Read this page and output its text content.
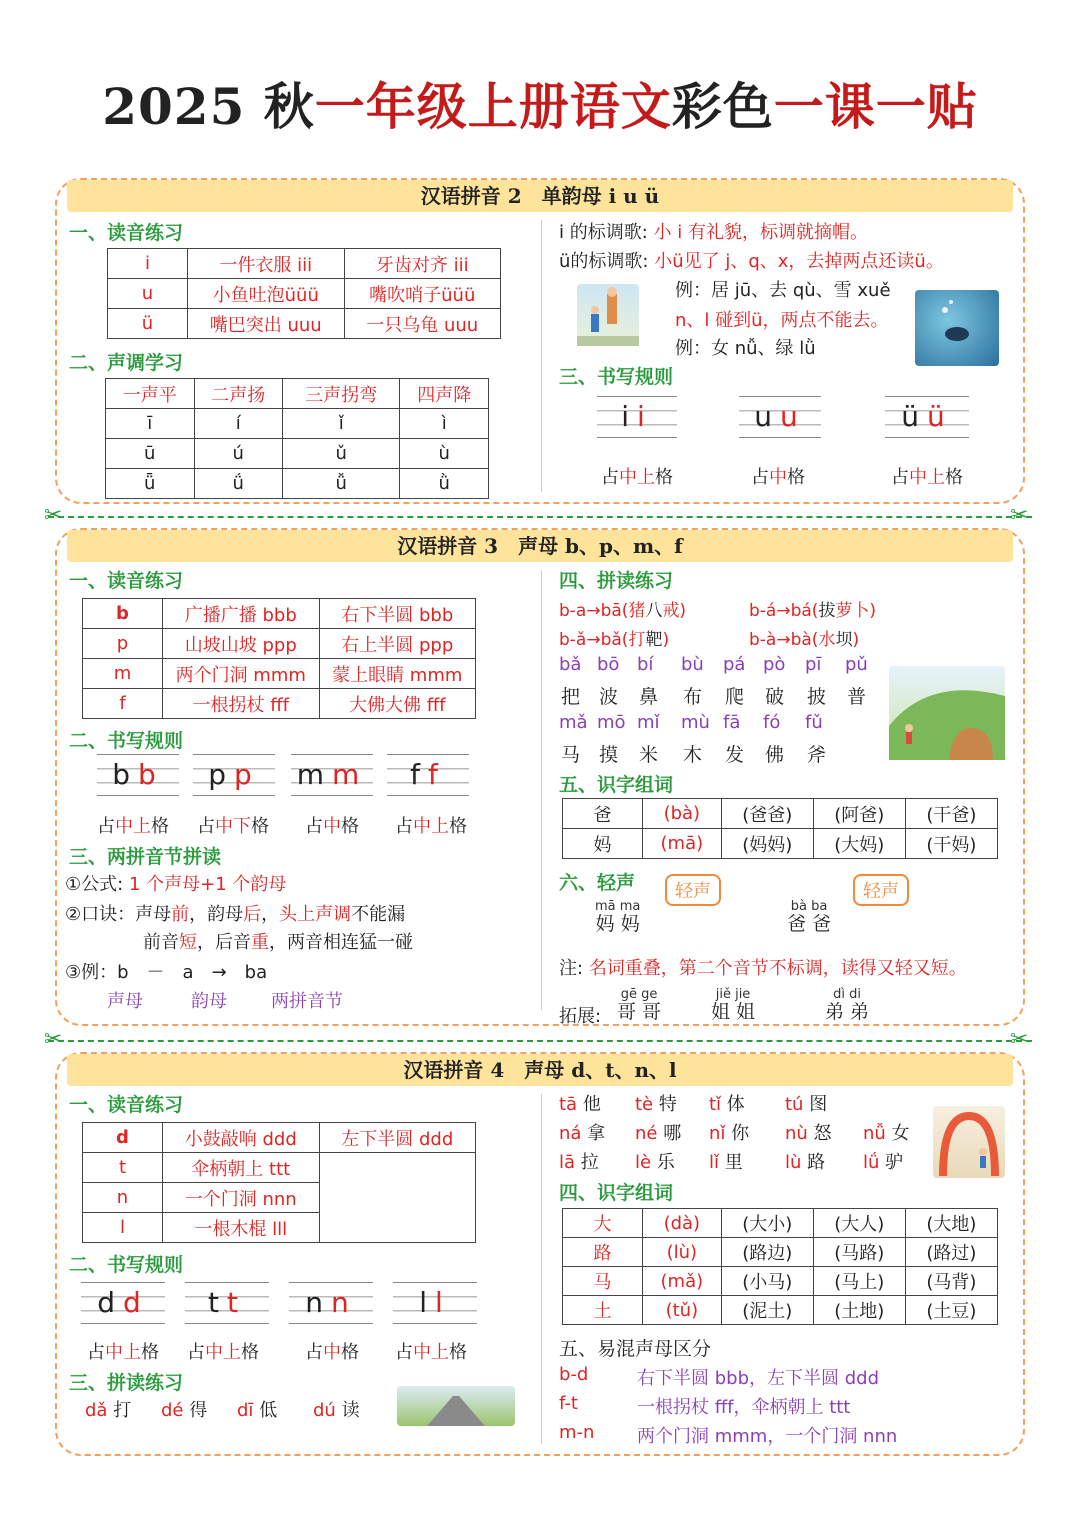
2025 秋一年级上册语文彩色一课一贴
汉语拼音 2　单韵母 i u ü
一、读音练习
i	一件衣服 iii	牙齿对齐 iii
u	小鱼吐泡üüü	嘴吹哨子üüü
ü	嘴巴突出 uuu	一只乌龟 uuu
二、声调学习
一声平	二声扬	三声拐弯	四声降
ī	í	ǐ	ì
ū	ú	ǔ	ù
ǖ	ǘ	ǚ	ǜ
i 的标调歌: 小 i 有礼貌，标调就摘帽。
ü的标调歌: 小ü见了 j、q、x，去掉两点还读ü。
例：居 jū、去 qù、雪 xuě
n、l 碰到ü，两点不能去。
例：女 nǚ、绿 lǜ
三、书写规则
ii	uu	üü
占中上格	占中格	占中上格
✂	✂
汉语拼音 3　声母 b、p、m、f
一、读音练习
b	广播广播 bbb	右下半圆 bbb
p	山坡山坡 ppp	右上半圆 ppp
m	两个门洞 mmm	蒙上眼睛 mmm
f	一根拐杖 fff	大佛大佛 fff
二、书写规则
bb	pp	mm	ff
占中上格 占中下格 占中格 占中上格
三、两拼音节拼读
①公式: 1 个声母+1 个韵母
②口诀：声母前，韵母后，头上声调不能漏
前音短，后音重，两音相连猛一碰
③例：b　－　a　→　ba
声母	韵母 两拼音节
四、拼读练习
b-a→bā(猪八戒)	b-á→bá(拔萝卜)
b-ǎ→bǎ(打靶)	b-à→bà(水坝)
bǎ bō bí bù pá pò pī pǔ
把 波 鼻 布 爬 破 披 普
mǎ mō mǐ mù fā fó fǔ
马 摸 米 木 发 佛 斧
五、识字组词
爸	(bà)	(爸爸)	(阿爸)	(干爸)
妈	(mā)	(妈妈)	(大妈)	(干妈)
六、轻声	轻声	轻声
mā ma
妈 妈
bà ba
爸 爸
注: 名词重叠，第二个音节不标调，读得又轻又短。
拓展:
gē ge
哥 哥
jiě jie
姐 姐
dì di
弟 弟
✂	✂
汉语拼音 4　声母 d、t、n、l
一、读音练习
d	小鼓敲响 ddd	左下半圆 ddd
t	伞柄朝上 ttt	
n	一个门洞 nnn	
l	一根木棍 lll	
二、书写规则
dd	tt	nn	ll
占中上格 占中上格	占中格 占中上格
三、拼读练习
dǎ 打 dé 得 dī 低 dú 读
tā 他 tè 特 tǐ 体 tú 图
ná 拿 né 哪 nǐ 你 nù 怒 nǚ 女
lā 拉 lè 乐 lǐ 里 lù 路 lǘ 驴
四、识字组词
大	(dà)	(大小)	(大人)	(大地)
路	(lù)	(路边)	(马路)	(路过)
马	(mǎ)	(小马)	(马上)	(马背)
土	(tǔ)	(泥土)	(土地)	(土豆)
五、易混声母区分
b-d	右下半圆 bbb，左下半圆 ddd
f-t	一根拐杖 fff，伞柄朝上 ttt
m-n 两个门洞 mmm，一个门洞 nnn
